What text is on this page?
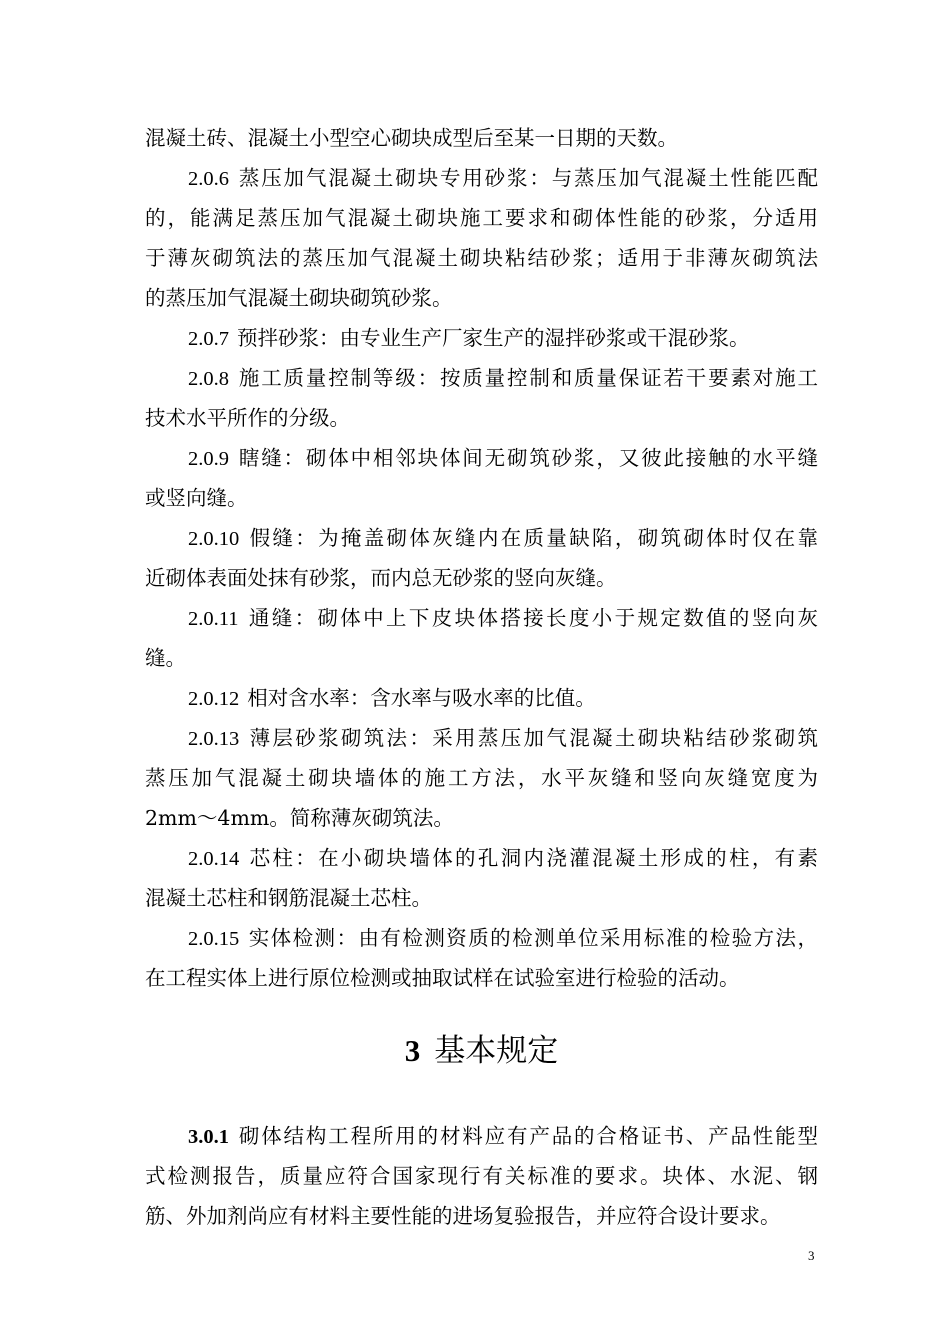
混凝土砖、混凝土小型空心砌块成型后至某一日期的天数。
2.0.6 蒸压加气混凝土砌块专用砂浆：与蒸压加气混凝土性能匹配
的，能满足蒸压加气混凝土砌块施工要求和砌体性能的砂浆，分适用
于薄灰砌筑法的蒸压加气混凝土砌块粘结砂浆；适用于非薄灰砌筑法
的蒸压加气混凝土砌块砌筑砂浆。
2.0.7 预拌砂浆：由专业生产厂家生产的湿拌砂浆或干混砂浆。
2.0.8 施工质量控制等级：按质量控制和质量保证若干要素对施工
技术水平所作的分级。
2.0.9 瞎缝：砌体中相邻块体间无砌筑砂浆，又彼此接触的水平缝
或竖向缝。
2.0.10 假缝：为掩盖砌体灰缝内在质量缺陷，砌筑砌体时仅在靠
近砌体表面处抹有砂浆，而内总无砂浆的竖向灰缝。
2.0.11 通缝：砌体中上下皮块体搭接长度小于规定数值的竖向灰
缝。
2.0.12 相对含水率：含水率与吸水率的比值。
2.0.13 薄层砂浆砌筑法：采用蒸压加气混凝土砌块粘结砂浆砌筑
蒸压加气混凝土砌块墙体的施工方法，水平灰缝和竖向灰缝宽度为
2mm～4mm。简称薄灰砌筑法。
2.0.14 芯柱：在小砌块墙体的孔洞内浇灌混凝土形成的柱，有素
混凝土芯柱和钢筋混凝土芯柱。
2.0.15 实体检测：由有检测资质的检测单位采用标准的检验方法，
在工程实体上进行原位检测或抽取试样在试验室进行检验的活动。
3 基本规定
3.0.1 砌体结构工程所用的材料应有产品的合格证书、产品性能型
式检测报告，质量应符合国家现行有关标准的要求。块体、水泥、钢
筋、外加剂尚应有材料主要性能的进场复验报告，并应符合设计要求。
3
